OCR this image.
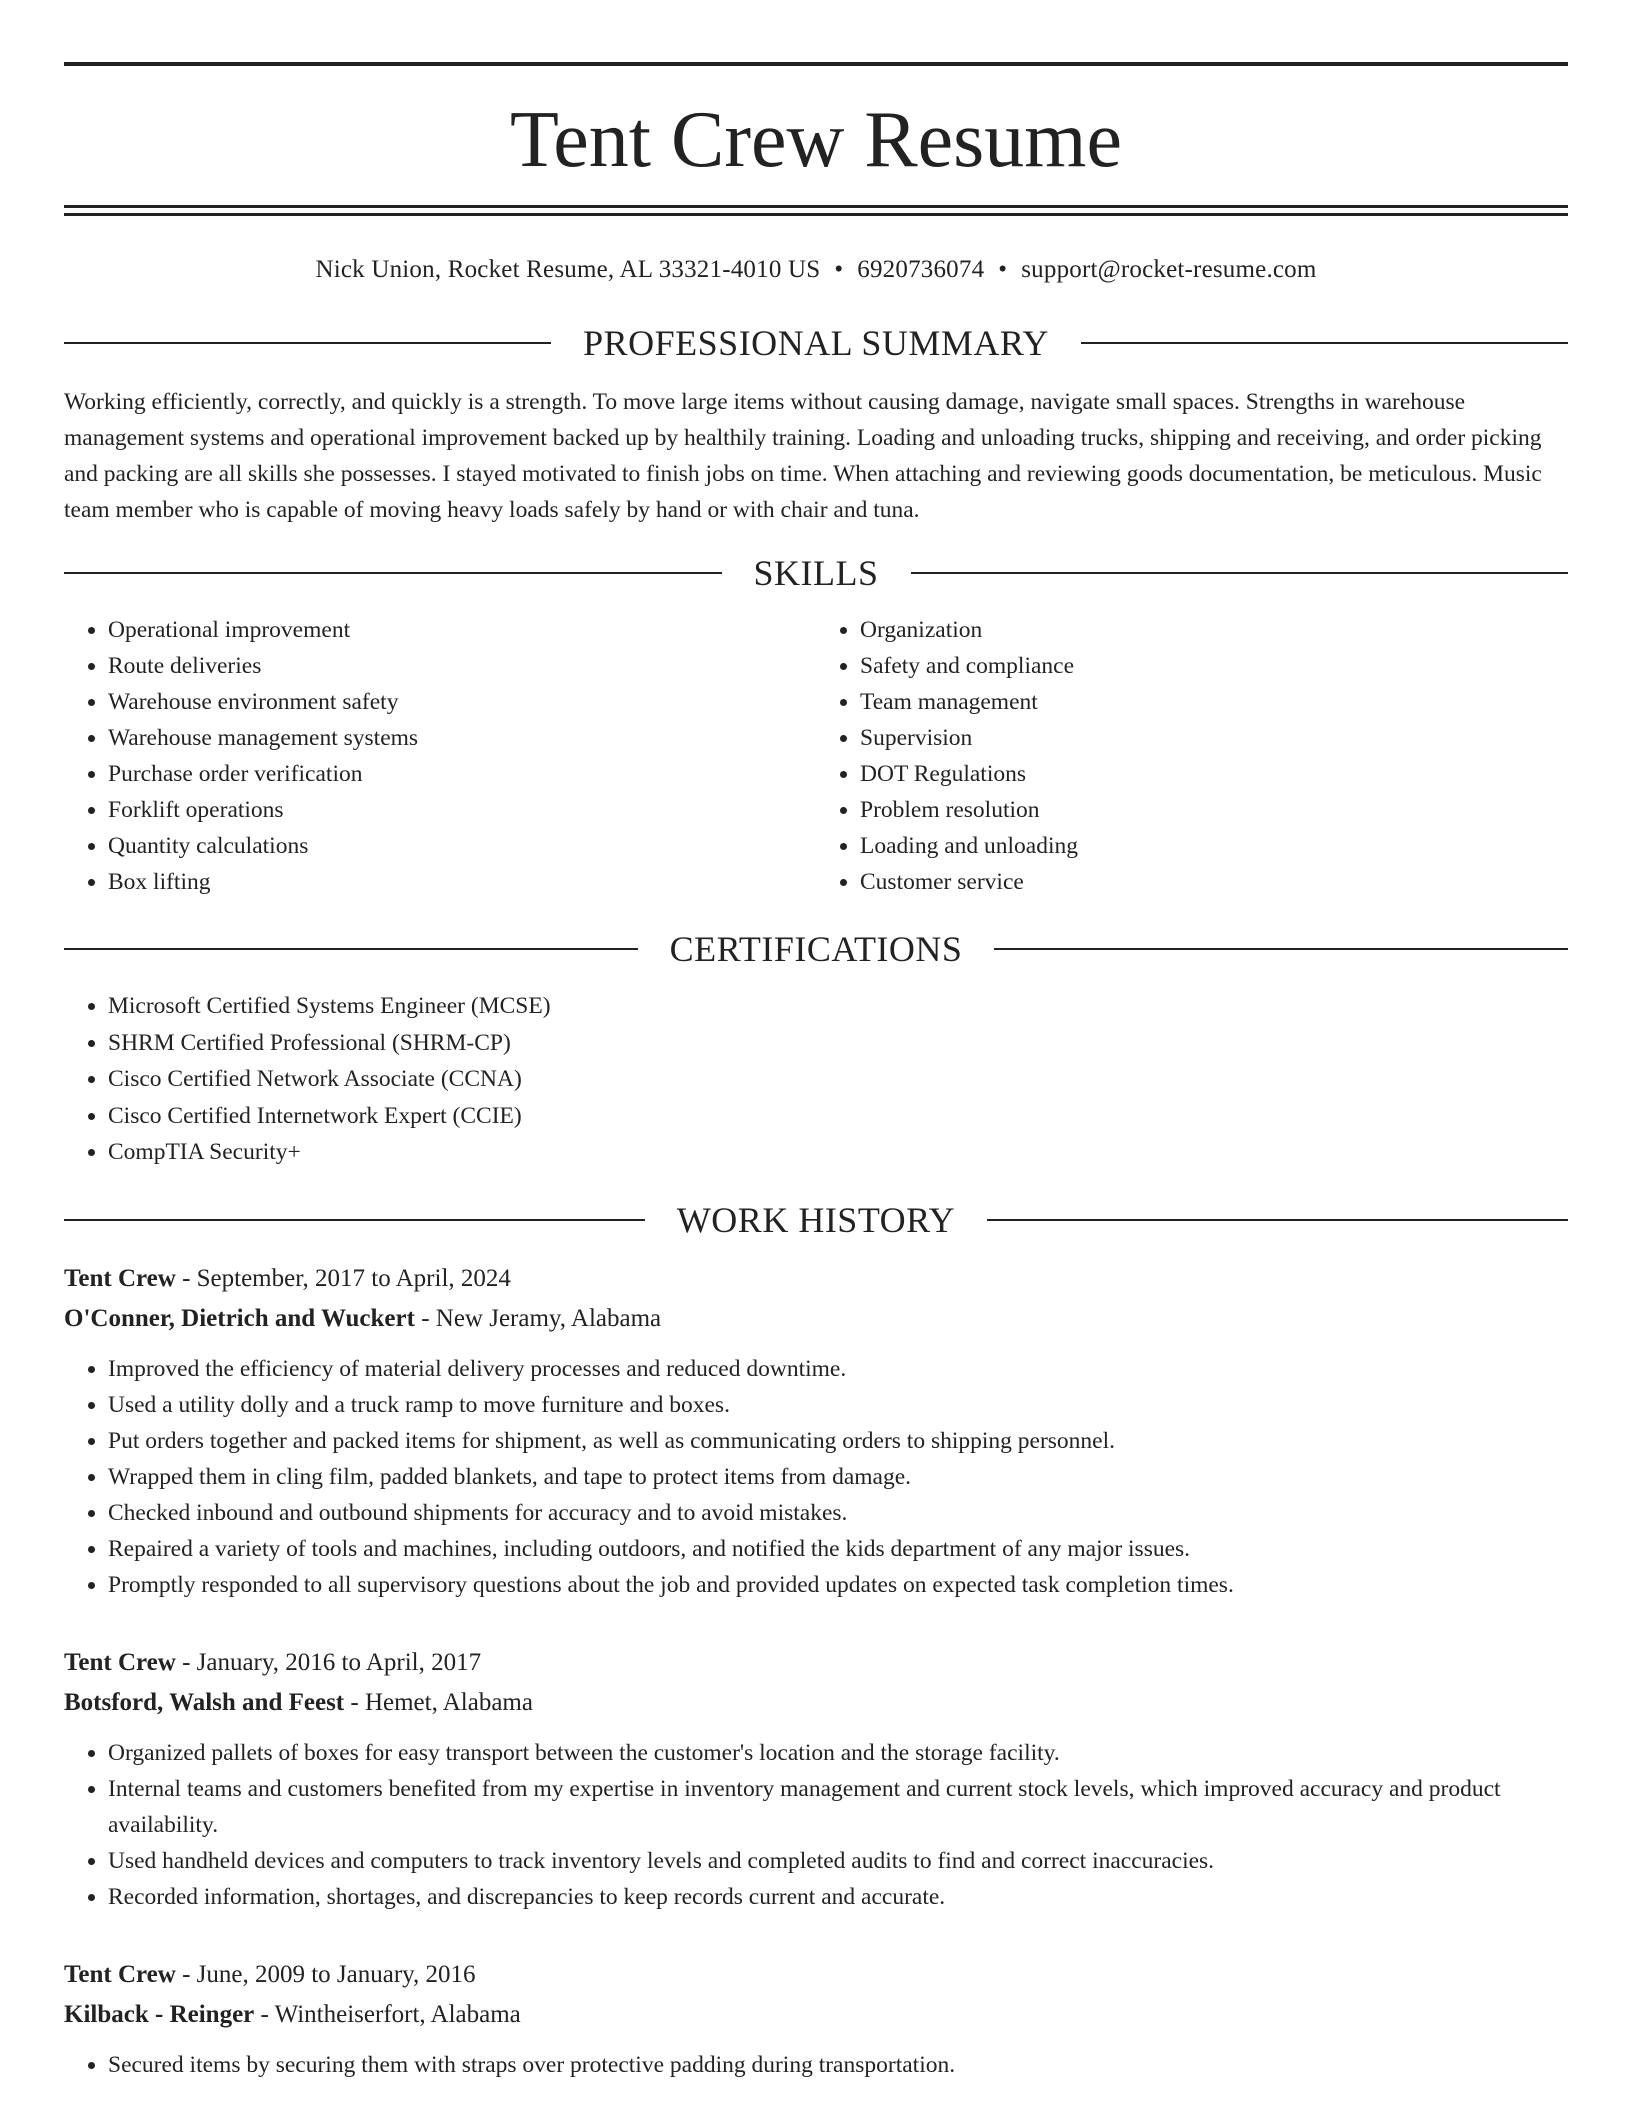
Tent Crew Resume
Nick Union, Rocket Resume, AL 33321-4010 US • 6920736074 • support@rocket-resume.com
PROFESSIONAL SUMMARY
Working efficiently, correctly, and quickly is a strength. To move large items without causing damage, navigate small spaces. Strengths in warehouse management systems and operational improvement backed up by healthily training. Loading and unloading trucks, shipping and receiving, and order picking and packing are all skills she possesses. I stayed motivated to finish jobs on time. When attaching and reviewing goods documentation, be meticulous. Music team member who is capable of moving heavy loads safely by hand or with chair and tuna.
SKILLS
• Operational improvement
• Route deliveries
• Warehouse environment safety
• Warehouse management systems
• Purchase order verification
• Forklift operations
• Quantity calculations
• Box lifting
• Organization
• Safety and compliance
• Team management
• Supervision
• DOT Regulations
• Problem resolution
• Loading and unloading
• Customer service
CERTIFICATIONS
• Microsoft Certified Systems Engineer (MCSE)
• SHRM Certified Professional (SHRM-CP)
• Cisco Certified Network Associate (CCNA)
• Cisco Certified Internetwork Expert (CCIE)
• CompTIA Security+
WORK HISTORY
Tent Crew - September, 2017 to April, 2024
O'Conner, Dietrich and Wuckert - New Jeramy, Alabama
• Improved the efficiency of material delivery processes and reduced downtime.
• Used a utility dolly and a truck ramp to move furniture and boxes.
• Put orders together and packed items for shipment, as well as communicating orders to shipping personnel.
• Wrapped them in cling film, padded blankets, and tape to protect items from damage.
• Checked inbound and outbound shipments for accuracy and to avoid mistakes.
• Repaired a variety of tools and machines, including outdoors, and notified the kids department of any major issues.
• Promptly responded to all supervisory questions about the job and provided updates on expected task completion times.
Tent Crew - January, 2016 to April, 2017
Botsford, Walsh and Feest - Hemet, Alabama
• Organized pallets of boxes for easy transport between the customer's location and the storage facility.
• Internal teams and customers benefited from my expertise in inventory management and current stock levels, which improved accuracy and product availability.
• Used handheld devices and computers to track inventory levels and completed audits to find and correct inaccuracies.
• Recorded information, shortages, and discrepancies to keep records current and accurate.
Tent Crew - June, 2009 to January, 2016
Kilback - Reinger - Wintheiserfort, Alabama
• Secured items by securing them with straps over protective padding during transportation.
